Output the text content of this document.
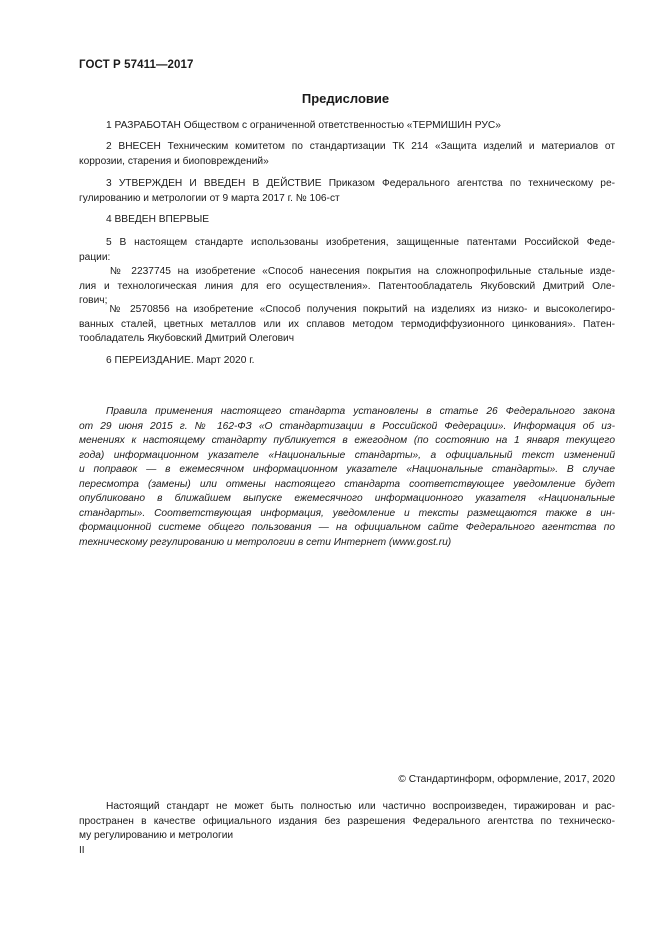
ГОСТ Р 57411—2017
Предисловие
1 РАЗРАБОТАН Обществом с ограниченной ответственностью «ТЕРМИШИН РУС»
2 ВНЕСЕН Техническим комитетом по стандартизации ТК 214 «Защита изделий и материалов от
коррозии, старения и биоповреждений»
3 УТВЕРЖДЕН И ВВЕДЕН В ДЕЙСТВИЕ Приказом Федерального агентства по техническому ре-
гулированию и метрологии от 9 марта 2017 г. № 106-ст
4 ВВЕДЕН ВПЕРВЫЕ
5 В настоящем стандарте использованы изобретения, защищенные патентами Российской Феде-
рации:
№ 2237745 на изобретение «Способ нанесения покрытия на сложнопрофильные стальные изде-
лия и технологическая линия для его осуществления». Патентообладатель Якубовский Дмитрий Оле-
гович;
№ 2570856 на изобретение «Способ получения покрытий на изделиях из низко- и высоколегиро-
ванных сталей, цветных металлов или их сплавов методом термодиффузионного цинкования». Патен-
тообладатель Якубовский Дмитрий Олегович
6 ПЕРЕИЗДАНИЕ. Март 2020 г.
Правила применения настоящего стандарта установлены в статье 26 Федерального закона
от 29 июня 2015 г. № 162-ФЗ «О стандартизации в Российской Федерации». Информация об из-
менениях к настоящему стандарту публикуется в ежегодном (по состоянию на 1 января текущего
года) информационном указателе «Национальные стандарты», а официальный текст изменений
и поправок — в ежемесячном информационном указателе «Национальные стандарты». В случае
пересмотра (замены) или отмены настоящего стандарта соответствующее уведомление будет
опубликовано в ближайшем выпуске ежемесячного информационного указателя «Национальные
стандарты». Соответствующая информация, уведомление и тексты размещаются также в ин-
формационной системе общего пользования — на официальном сайте Федерального агентства по
техническому регулированию и метрологии в сети Интернет (www.gost.ru)
© Стандартинформ, оформление, 2017, 2020
Настоящий стандарт не может быть полностью или частично воспроизведен, тиражирован и рас-
пространен в качестве официального издания без разрешения Федерального агентства по техническо-
му регулированию и метрологии
II
